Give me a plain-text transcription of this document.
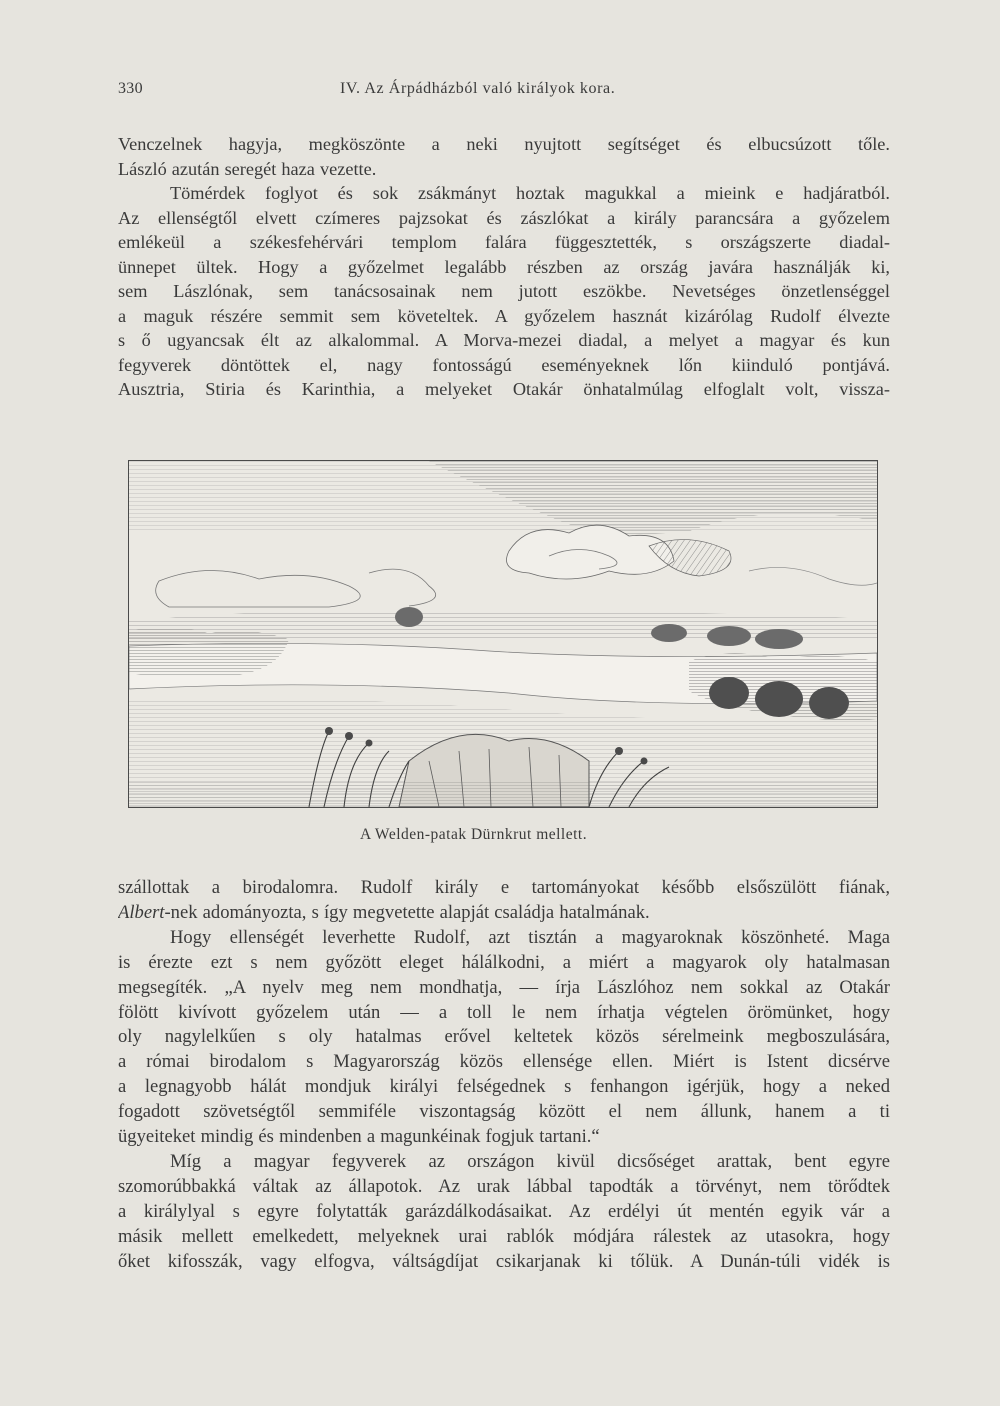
330	IV. Az Árpádházból való királyok kora.
Venczelnek hagyja, megköszönte a neki nyujtott segítséget és elbucsúzott tőle.
László azután seregét haza vezette.
Tömérdek foglyot és sok zsákmányt hoztak magukkal a mieink e hadjáratból.
Az ellenségtől elvett czímeres pajzsokat és zászlókat a király parancsára a győzelem
emlékeül a székesfehérvári templom falára függesztették, s országszerte diadal-
ünnepet ültek. Hogy a győzelmet legalább részben az ország javára használják ki,
sem Lászlónak, sem tanácsosainak nem jutott eszökbe. Nevetséges önzetlenséggel
a maguk részére semmit sem követeltek. A győzelem hasznát kizárólag Rudolf élvezte
s ő ugyancsak élt az alkalommal. A Morva-mezei diadal, a melyet a magyar és kun
fegyverek döntöttek el, nagy fontosságú eseményeknek lőn kiinduló pontjává.
Ausztria, Stiria és Karinthia, a melyeket Otakár önhatalmúlag elfoglalt volt, vissza-
A Welden-patak Dürnkrut mellett.
szállottak a birodalomra. Rudolf király e tartományokat később elsőszülött fiának,
Albert-nek adományozta, s így megvetette alapját családja hatalmának.
Hogy ellenségét leverhette Rudolf, azt tisztán a magyaroknak köszönheté. Maga
is érezte ezt s nem győzött eleget hálálkodni, a miért a magyarok oly hatalmasan
megsegíték. „A nyelv meg nem mondhatja, — írja Lászlóhoz nem sokkal az Otakár
fölött kivívott győzelem után — a toll le nem írhatja végtelen örömünket, hogy
oly nagylelkűen s oly hatalmas erővel keltetek közös sérelmeink megboszulására,
a római birodalom s Magyarország közös ellensége ellen. Miért is Istent dicsérve
a legnagyobb hálát mondjuk királyi felségednek s fenhangon igérjük, hogy a neked
fogadott szövetségtől semmiféle viszontagság között el nem állunk, hanem a ti
ügyeiteket mindig és mindenben a magunkéinak fogjuk tartani.“
Míg a magyar fegyverek az országon kivül dicsőséget arattak, bent egyre
szomorúbbakká váltak az állapotok. Az urak lábbal tapodták a törvényt, nem törődtek
a királylyal s egyre folytatták garázdálkodásaikat. Az erdélyi út mentén egyik vár a
másik mellett emelkedett, melyeknek urai rablók módjára rálestek az utasokra, hogy
őket kifosszák, vagy elfogva, váltságdíjat csikarjanak ki tőlük. A Dunán-túli vidék is
